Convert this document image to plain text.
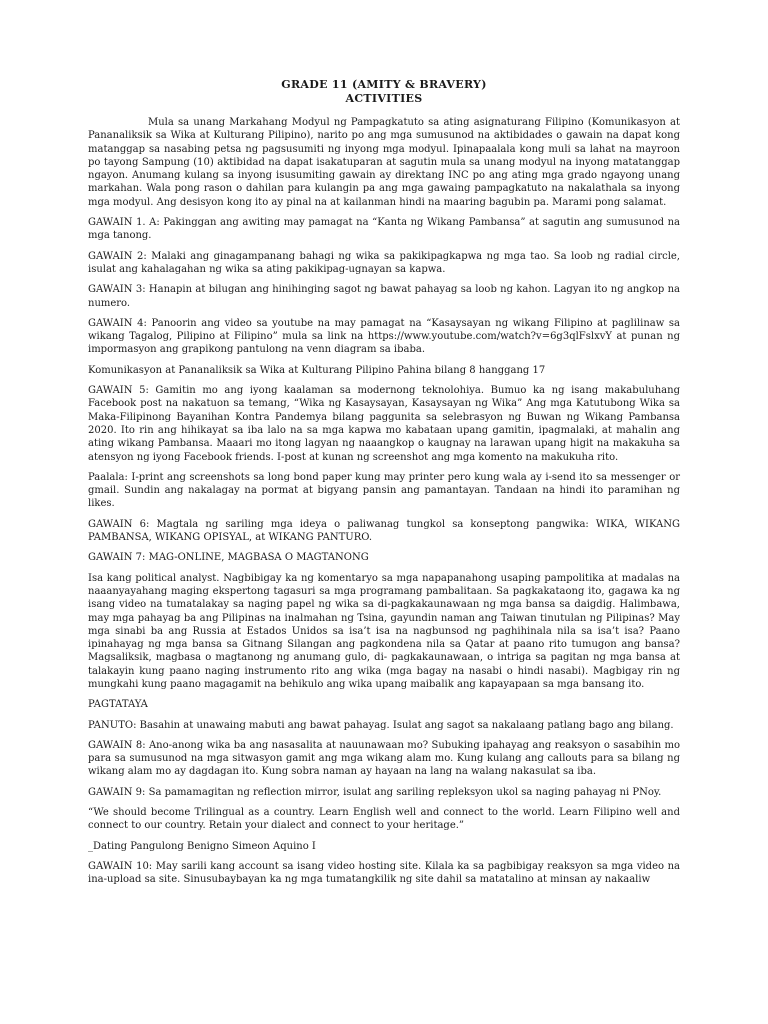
GRADE 11 (AMITY & BRAVERY)
ACTIVITIES

Mula sa unang Markahang Modyul ng Pampagkatuto sa ating asignaturang Filipino (Komunikasyon at Pananaliksik sa Wika at Kulturang Pilipino), narito po ang mga sumusunod na aktibidades o gawain na dapat kong matanggap sa nasabing petsa ng pagsusumiti ng inyong mga modyul. Ipinapaalala kong muli sa lahat na mayroon po tayong Sampung (10) aktibidad na dapat isakatuparan at sagutin mula sa unang modyul na inyong matatanggap ngayon. Anumang kulang sa inyong isusumiting gawain ay direktang INC po ang ating mga grado ngayong unang markahan. Wala pong rason o dahilan para kulangin pa ang mga gawaing pampagkatuto na nakalathala sa inyong mga modyul. Ang desisyon kong ito ay pinal na at kailanman hindi na maaring bagubin pa. Marami pong salamat.

GAWAIN 1. A: Pakinggan ang awiting may pamagat na “Kanta ng Wikang Pambansa” at sagutin ang sumusunod na mga tanong.

GAWAIN 2: Malaki ang ginagampanang bahagi ng wika sa pakikipagkapwa ng mga tao. Sa loob ng radial circle, isulat ang kahalagahan ng wika sa ating pakikipag-ugnayan sa kapwa.

GAWAIN 3: Hanapin at bilugan ang hinihinging sagot ng bawat pahayag sa loob ng kahon. Lagyan ito ng angkop na numero.

GAWAIN 4: Panoorin ang video sa youtube na may pamagat na “Kasaysayan ng wikang Filipino at paglilinaw sa wikang Tagalog, Pilipino at Filipino” mula sa link na https://www.youtube.com/watch?v=6g3qlFslxvY at punan ng impormasyon ang grapikong pantulong na venn diagram sa ibaba.

Komunikasyon at Pananaliksik sa Wika at Kulturang Pilipino Pahina bilang 8 hanggang 17

GAWAIN 5: Gamitin mo ang iyong kaalaman sa modernong teknolohiya. Bumuo ka ng isang makabuluhang Facebook post na nakatuon sa temang, “Wika ng Kasaysayan, Kasaysayan ng Wika” Ang mga Katutubong Wika sa Maka-Filipinong Bayanihan Kontra Pandemya bilang paggunita sa selebrasyon ng Buwan ng Wikang Pambansa 2020. Ito rin ang hihikayat sa iba lalo na sa mga kapwa mo kabataan upang gamitin, ipagmalaki, at mahalin ang ating wikang Pambansa. Maaari mo itong lagyan ng naaangkop o kaugnay na larawan upang higit na makakuha sa atensyon ng iyong Facebook friends. I-post at kunan ng screenshot ang mga komento na makukuha rito.

Paalala: I-print ang screenshots sa long bond paper kung may printer pero kung wala ay i-send ito sa messenger or gmail. Sundin ang nakalagay na pormat at bigyang pansin ang pamantayan. Tandaan na hindi ito paramihan ng likes.

GAWAIN 6: Magtala ng sariling mga ideya o paliwanag tungkol sa konseptong pangwika: WIKA, WIKANG PAMBANSA, WIKANG OPISYAL, at WIKANG PANTURO.

GAWAIN 7: MAG-ONLINE, MAGBASA O MAGTANONG

Isa kang political analyst. Nagbibigay ka ng komentaryo sa mga napapanahong usaping pampolitika at madalas na naaanyayahang maging ekspertong tagasuri sa mga programang pambalitaan. Sa pagkakataong ito, gagawa ka ng isang video na tumatalakay sa naging papel ng wika sa di-pagkakaunawaan ng mga bansa sa daigdig. Halimbawa, may mga pahayag ba ang Pilipinas na inalmahan ng Tsina, gayundin naman ang Taiwan tinutulan ng Pilipinas? May mga sinabi ba ang Russia at Estados Unidos sa isa’t isa na nagbunsod ng paghihinala nila sa isa’t isa? Paano ipinahayag ng mga bansa sa Gitnang Silangan ang pagkondena nila sa Qatar at paano rito tumugon ang bansa? Magsaliksik, magbasa o magtanong ng anumang gulo, di- pagkakaunawaan, o intriga sa pagitan ng mga bansa at talakayin kung paano naging instrumento rito ang wika (mga bagay na nasabi o hindi nasabi). Magbigay rin ng mungkahi kung paano magagamit na behikulo ang wika upang maibalik ang kapayapaan sa mga bansang ito.

PAGTATAYA

PANUTO: Basahin at unawaing mabuti ang bawat pahayag. Isulat ang sagot sa nakalaang patlang bago ang bilang.

GAWAIN 8: Ano-anong wika ba ang nasasalita at nauunawaan mo? Subuking ipahayag ang reaksyon o sasabihin mo para sa sumusunod na mga sitwasyon gamit ang mga wikang alam mo. Kung kulang ang callouts para sa bilang ng wikang alam mo ay dagdagan ito. Kung sobra naman ay hayaan na lang na walang nakasulat sa iba.

GAWAIN 9: Sa pamamagitan ng reflection mirror, isulat ang sariling repleksyon ukol sa naging pahayag ni PNoy.

“We should become Trilingual as a country. Learn English well and connect to the world. Learn Filipino well and connect to our country. Retain your dialect and connect to your heritage.”

_Dating Pangulong Benigno Simeon Aquino I

GAWAIN 10: May sarili kang account sa isang video hosting site. Kilala ka sa pagbibigay reaksyon sa mga video na ina-upload sa site. Sinusubaybayan ka ng mga tumatangkilik ng site dahil sa matatalino at minsan ay nakaaliw
